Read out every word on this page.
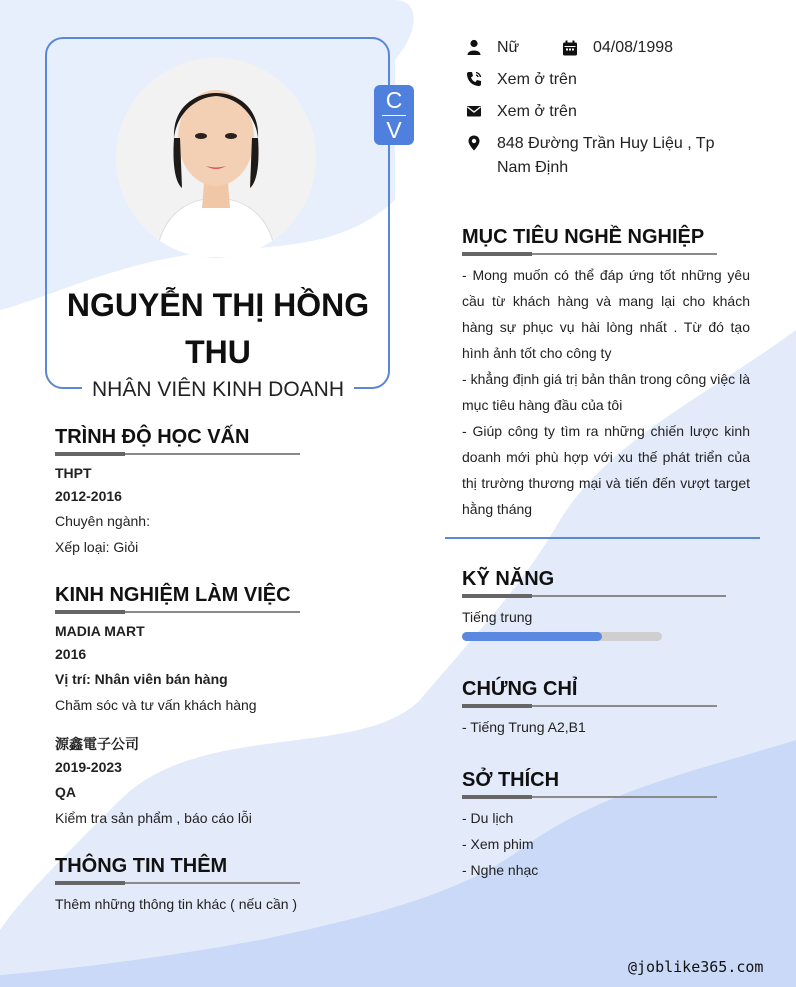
NGUYỄN THỊ HỒNG THU
NHÂN VIÊN KINH DOANH
C
V
Nữ	04/08/1998
Xem ở trên
Xem ở trên
848 Đường Trần Huy Liệu , Tp
Nam Định
MỤC TIÊU NGHỀ NGHIỆP
- Mong muốn có thể đáp ứng tốt những yêu cầu từ khách hàng và mang lại cho khách hàng sự phục vụ hài lòng nhất . Từ đó tạo hình ảnh tốt cho công ty
- khẳng định giá trị bản thân trong công việc là mục tiêu hàng đầu của tôi
- Giúp công ty tìm ra những chiến lược kinh doanh mới phù hợp với xu thế phát triển của thị trường thương mại và tiến đến vượt target hằng tháng
KỸ NĂNG
Tiếng trung
CHỨNG CHỈ
- Tiếng Trung A2,B1
SỞ THÍCH
- Du lịch
- Xem phim
- Nghe nhạc
TRÌNH ĐỘ HỌC VẤN
THPT
2012-2016
Chuyên ngành:
Xếp loại: Giỏi
KINH NGHIỆM LÀM VIỆC
MADIA MART
2016
Vị trí: Nhân viên bán hàng
Chăm sóc và tư vấn khách hàng
源鑫電子公司
2019-2023
QA
Kiểm tra sản phẩm , báo cáo lỗi
THÔNG TIN THÊM
Thêm những thông tin khác ( nếu cần )
@joblike365.com
